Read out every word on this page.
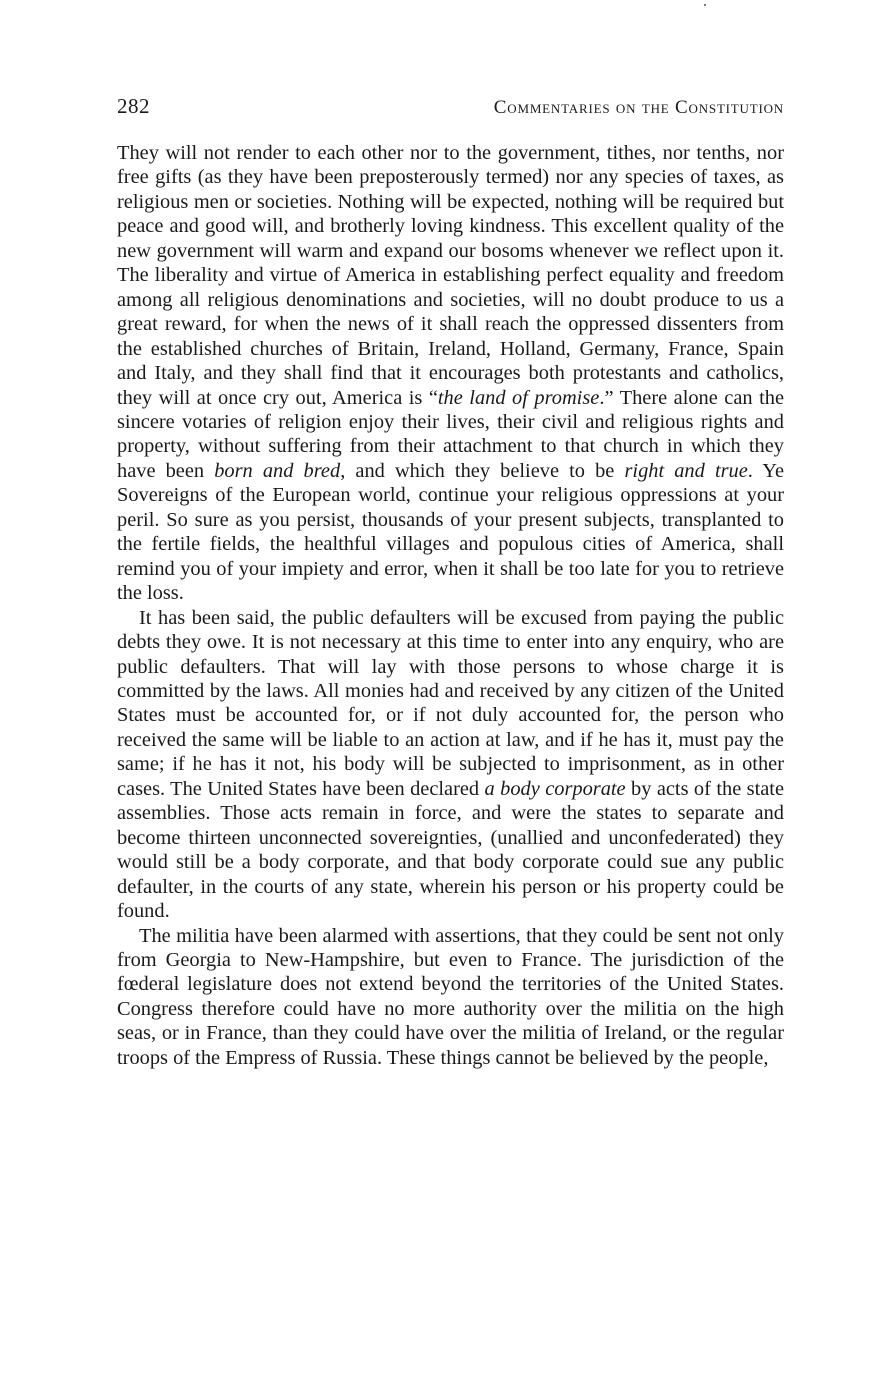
282	Commentaries on the Constitution

They will not render to each other nor to the government, tithes, nor tenths, nor free gifts (as they have been preposterously termed) nor any species of taxes, as religious men or societies. Nothing will be expected, nothing will be required but peace and good will, and brotherly loving kindness. This excellent quality of the new government will warm and expand our bosoms whenever we reflect upon it. The liberality and virtue of America in establishing perfect equality and freedom among all religious denominations and societies, will no doubt produce to us a great reward, for when the news of it shall reach the oppressed dissenters from the established churches of Britain, Ireland, Holland, Germany, France, Spain and Italy, and they shall find that it encourages both protestants and catholics, they will at once cry out, America is “the land of promise.” There alone can the sincere votaries of religion enjoy their lives, their civil and religious rights and property, without suffering from their attachment to that church in which they have been born and bred, and which they believe to be right and true. Ye Sovereigns of the European world, continue your religious oppressions at your peril. So sure as you persist, thousands of your present subjects, transplanted to the fertile fields, the healthful villages and populous cities of America, shall remind you of your impiety and error, when it shall be too late for you to retrieve the loss.

It has been said, the public defaulters will be excused from paying the public debts they owe. It is not necessary at this time to enter into any enquiry, who are public defaulters. That will lay with those persons to whose charge it is committed by the laws. All monies had and received by any citizen of the United States must be accounted for, or if not duly accounted for, the person who received the same will be liable to an action at law, and if he has it, must pay the same; if he has it not, his body will be subjected to imprisonment, as in other cases. The United States have been declared a body corporate by acts of the state assemblies. Those acts remain in force, and were the states to separate and become thirteen unconnected sovereignties, (unallied and unconfederated) they would still be a body corporate, and that body corporate could sue any public defaulter, in the courts of any state, wherein his person or his property could be found.

The militia have been alarmed with assertions, that they could be sent not only from Georgia to New-Hampshire, but even to France. The jurisdiction of the fœderal legislature does not extend beyond the territories of the United States. Congress therefore could have no more authority over the militia on the high seas, or in France, than they could have over the militia of Ireland, or the regular troops of the Empress of Russia. These things cannot be believed by the people,
